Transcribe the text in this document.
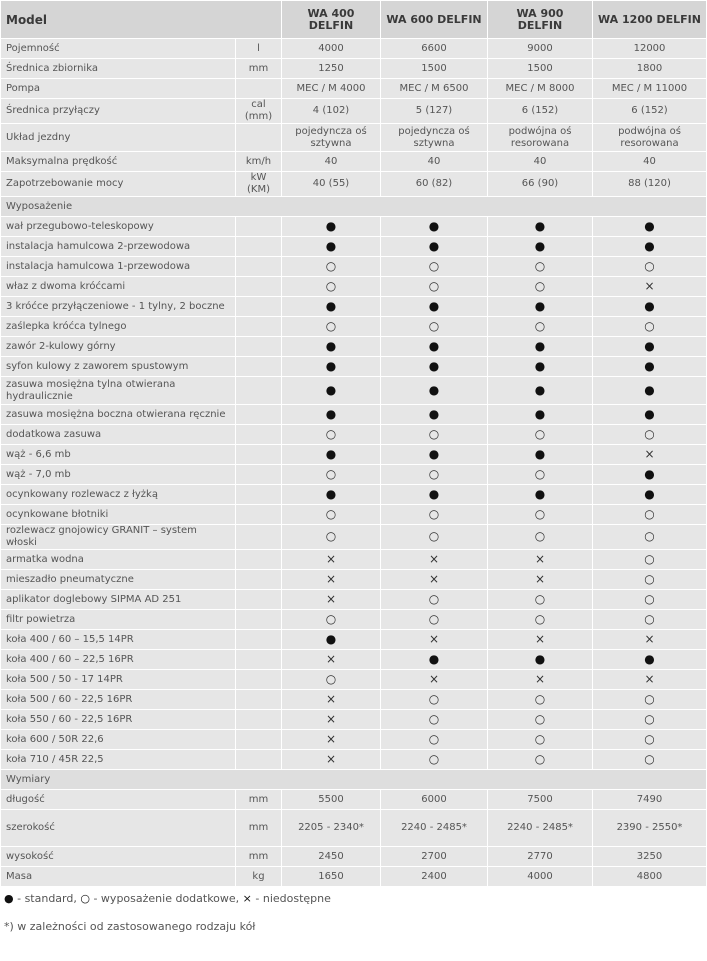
Model		WA 400 DELFIN	WA 600 DELFIN	WA 900 DELFIN	WA 1200 DELFIN
Pojemność	l	4000	6600	9000	12000
Średnica zbiornika	mm	1250	1500	1500	1800
Pompa		MEC / M 4000	MEC / M 6500	MEC / M 8000	MEC / M 11000
Średnica przyłączy	cal (mm)	4 (102)	5 (127)	6 (152)	6 (152)
Układ jezdny		pojedyncza oś sztywna	pojedyncza oś sztywna	podwójna oś resorowana	podwójna oś resorowana
Maksymalna prędkość	km/h	40	40	40	40
Zapotrzebowanie mocy	kW (KM)	40 (55)	60 (82)	66 (90)	88 (120)
Wyposażenie					
wał przegubowo-teleskopowy		●	●	●	●
instalacja hamulcowa 2-przewodowa		●	●	●	●
instalacja hamulcowa 1-przewodowa		○	○	○	○
właz z dwoma króćcami		○	○	○	×
3 króćce przyłączeniowe - 1 tylny, 2 boczne		●	●	●	●
zaślepka króćca tylnego		○	○	○	○
zawór 2-kulowy górny		●	●	●	●
syfon kulowy z zaworem spustowym		●	●	●	●
zasuwa mosiężna tylna otwierana hydraulicznie		●	●	●	●
zasuwa mosiężna boczna otwierana ręcznie		●	●	●	●
dodatkowa zasuwa		○	○	○	○
wąż - 6,6 mb		●	●	●	×
wąż - 7,0 mb		○	○	○	●
ocynkowany rozlewacz z łyżką		●	●	●	●
ocynkowane błotniki		○	○	○	○
rozlewacz gnojowicy GRANIT – system włoski		○	○	○	○
armatka wodna		×	×	×	○
mieszadło pneumatyczne		×	×	×	○
aplikator doglebowy SIPMA AD 251		×	○	○	○
filtr powietrza		○	○	○	○
koła 400 / 60 – 15,5 14PR		●	×	×	×
koła 400 / 60 – 22,5 16PR		×	●	●	●
koła 500 / 50 - 17 14PR		○	×	×	×
koła 500 / 60 - 22,5 16PR		×	○	○	○
koła 550 / 60 - 22,5 16PR		×	○	○	○
koła 600 / 50R 22,6		×	○	○	○
koła 710 / 45R 22,5		×	○	○	○
Wymiary					
długość	mm	5500	6000	7500	7490
szerokość	mm	2205 - 2340*	2240 - 2485*	2240 - 2485*	2390 - 2550*
wysokość	mm	2450	2700	2770	3250
Masa	kg	1650	2400	4000	4800
● - standard, ○ - wyposażenie dodatkowe, × - niedostępne
*) w zależności od zastosowanego rodzaju kół
